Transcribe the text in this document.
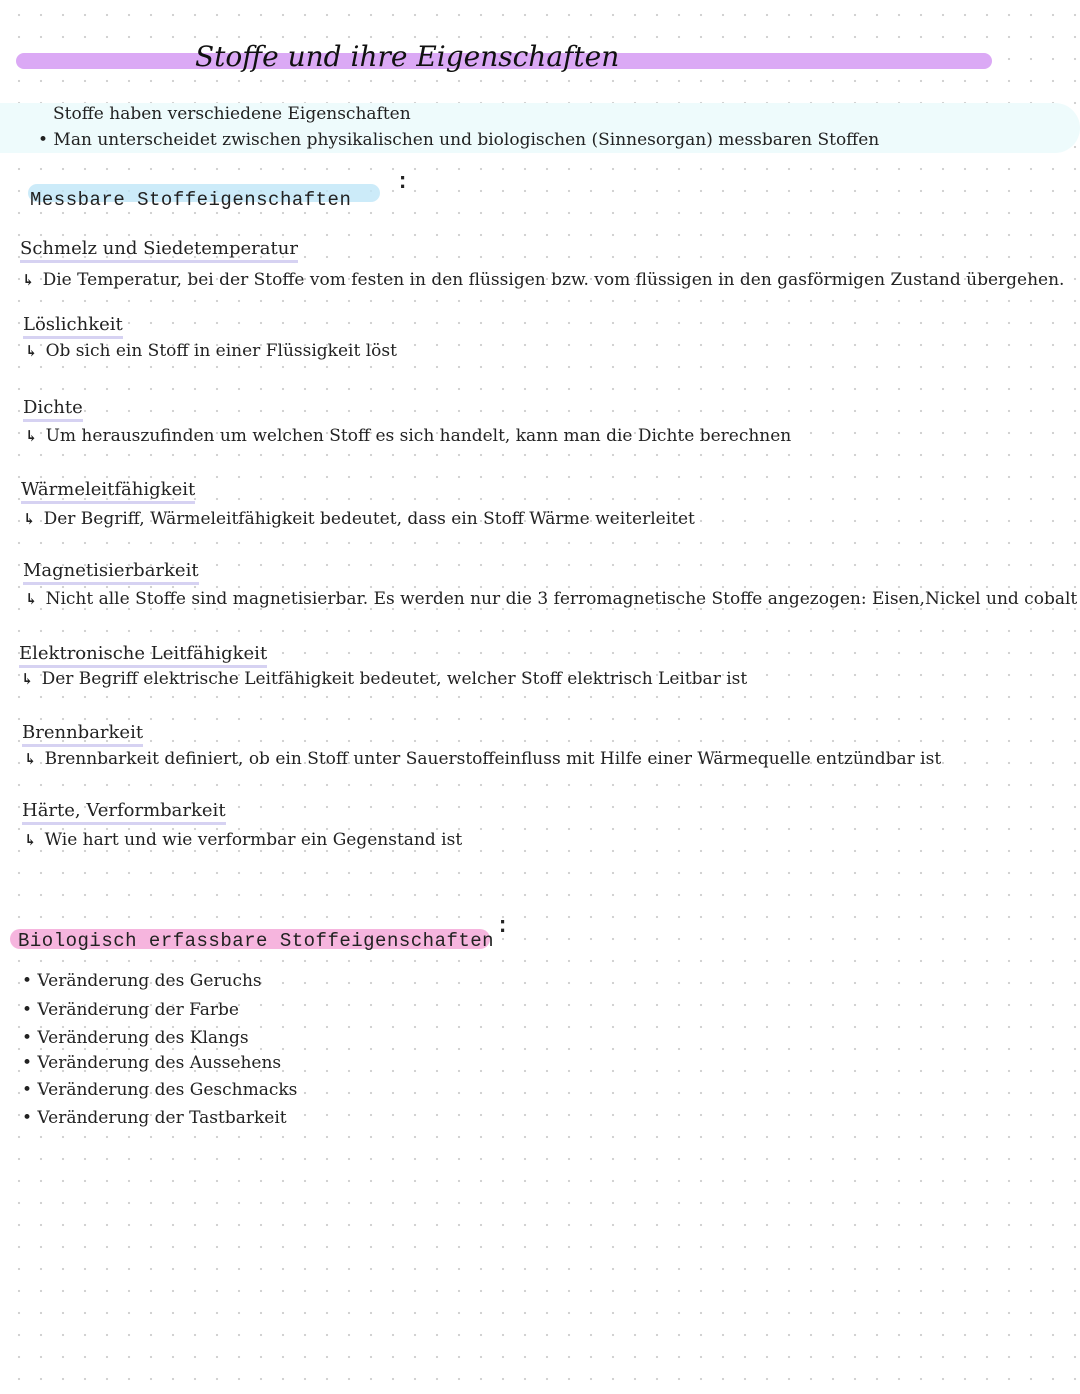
Stoffe und ihre Eigenschaften
Stoffe haben verschiedene Eigenschaften
• Man unterscheidet zwischen physikalischen und biologischen (Sinnesorgan) messbaren Stoffen
Messbare Stoffeigenschaften
:
Schmelz und Siedetemperatur
↳ Die Temperatur, bei der Stoffe vom festen in den flüssigen bzw. vom flüssigen in den gasförmigen Zustand übergehen.
Löslichkeit
↳ Ob sich ein Stoff in einer Flüssigkeit löst
Dichte
↳ Um herauszufinden um welchen Stoff es sich handelt, kann man die Dichte berechnen
Wärmeleitfähigkeit
↳ Der Begriff, Wärmeleitfähigkeit bedeutet, dass ein Stoff Wärme weiterleitet
Magnetisierbarkeit
↳ Nicht alle Stoffe sind magnetisierbar. Es werden nur die 3 ferromagnetische Stoffe angezogen: Eisen,Nickel und cobalt
Elektronische Leitfähigkeit
↳ Der Begriff elektrische Leitfähigkeit bedeutet, welcher Stoff elektrisch Leitbar ist
Brennbarkeit
↳ Brennbarkeit definiert, ob ein Stoff unter Sauerstoffeinfluss mit Hilfe einer Wärmequelle entzündbar ist
Härte, Verformbarkeit
↳ Wie hart und wie verformbar ein Gegenstand ist
Biologisch erfassbare Stoffeigenschaften
:
• Veränderung des Geruchs
• Veränderung der Farbe
• Veränderung des Klangs
• Veränderung des Aussehens
• Veränderung des Geschmacks
• Veränderung der Tastbarkeit
